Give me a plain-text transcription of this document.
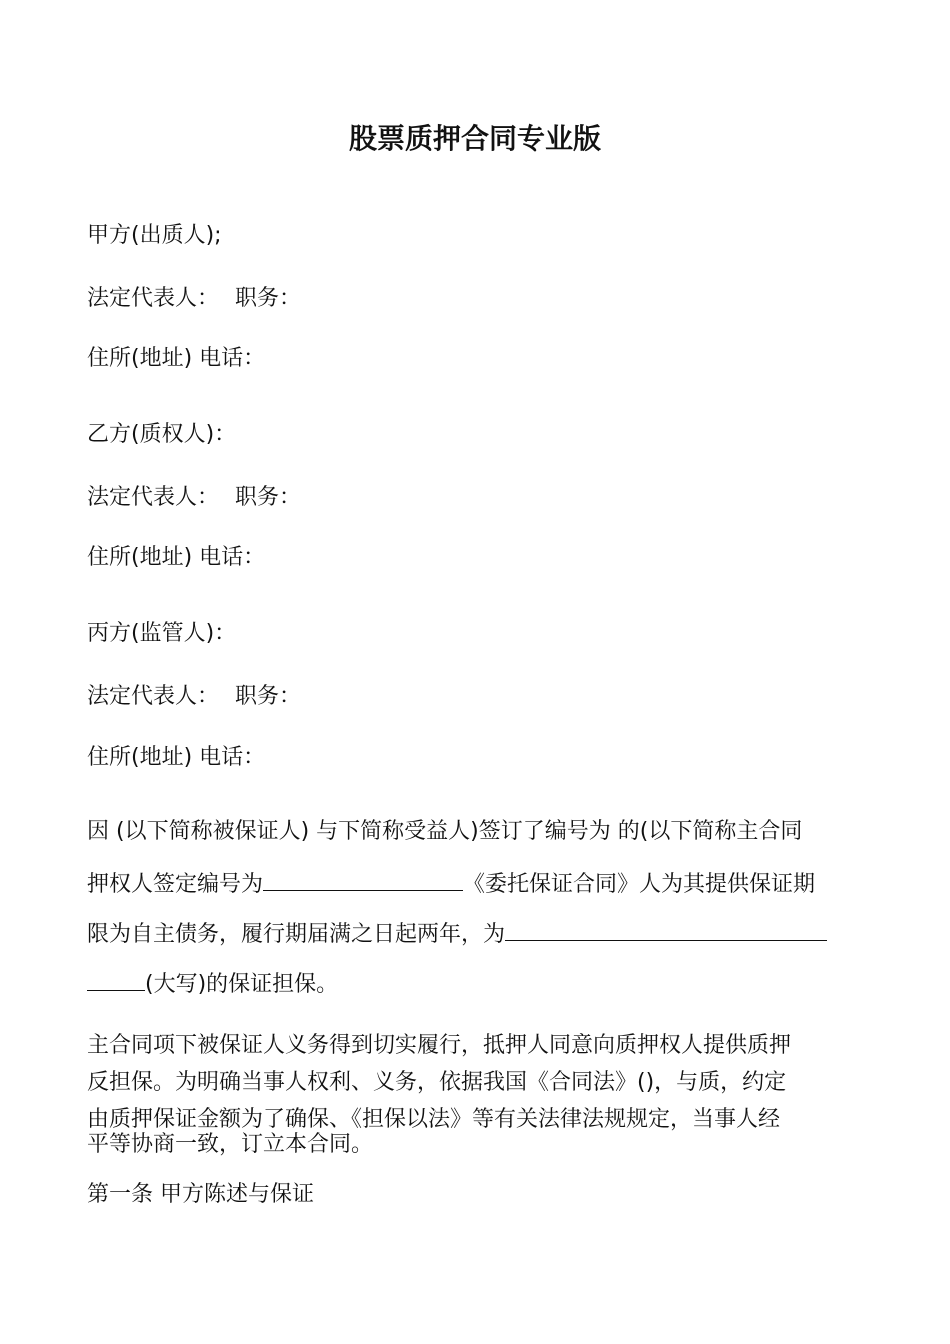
股票质押合同专业版
甲方(出质人);
法定代表人： 职务：
住所(地址) 电话：
乙方(质权人)：
法定代表人： 职务：
住所(地址) 电话：
丙方(监管人)：
法定代表人： 职务：
住所(地址) 电话：
因 (以下简称被保证人) 与下简称受益人)签订了编号为 的(以下简称主合同
押权人签定编号为	《委托保证合同》人为其提供保证期
限为自主债务，履行期届满之日起两年，为
(大写)的保证担保。
主合同项下被保证人义务得到切实履行，抵押人同意向质押权人提供质押
反担保。为明确当事人权利、义务，依据我国《合同法》()，与质，约定
由质押保证金额为了确保、《担保以法》等有关法律法规规定，当事人经
平等协商一致，订立本合同。
第一条 甲方陈述与保证
